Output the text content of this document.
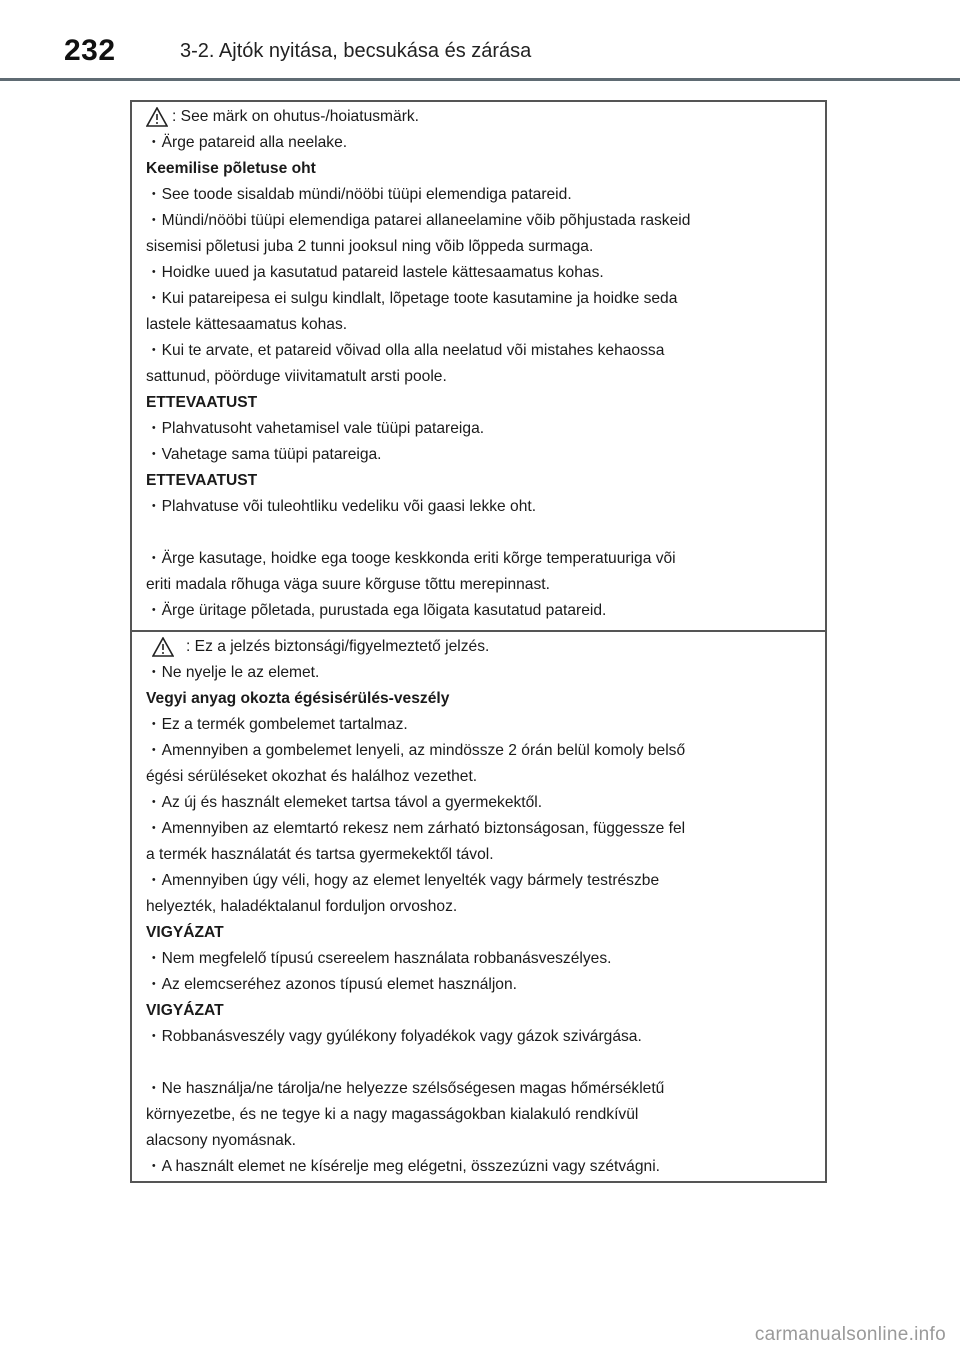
232	3-2. Ajtók nyitása, becsukása és zárása
: See märk on ohutus-/hoiatusmärk.
・Ärge patareid alla neelake.
Keemilise põletuse oht
・See toode sisaldab mündi/nööbi tüüpi elemendiga patareid.
・Mündi/nööbi tüüpi elemendiga patarei allaneelamine võib põhjustada raskeid
sisemisi põletusi juba 2 tunni jooksul ning võib lõppeda surmaga.
・Hoidke uued ja kasutatud patareid lastele kättesaamatus kohas.
・Kui patareipesa ei sulgu kindlalt, lõpetage toote kasutamine ja hoidke seda
lastele kättesaamatus kohas.
・Kui te arvate, et patareid võivad olla alla neelatud või mistahes kehaossa
sattunud, pöörduge viivitamatult arsti poole.
ETTEVAATUST
・Plahvatusoht vahetamisel vale tüüpi patareiga.
・Vahetage sama tüüpi patareiga.
ETTEVAATUST
・Plahvatuse või tuleohtliku vedeliku või gaasi lekke oht.
・Ärge kasutage, hoidke ega tooge keskkonda eriti kõrge temperatuuriga või
eriti madala rõhuga väga suure kõrguse tõttu merepinnast.
・Ärge üritage põletada, purustada ega lõigata kasutatud patareid.
: Ez a jelzés biztonsági/figyelmeztető jelzés.
・Ne nyelje le az elemet.
Vegyi anyag okozta égésisérülés-veszély
・Ez a termék gombelemet tartalmaz.
・Amennyiben a gombelemet lenyeli, az mindössze 2 órán belül komoly belső
égési sérüléseket okozhat és halálhoz vezethet.
・Az új és használt elemeket tartsa távol a gyermekektől.
・Amennyiben az elemtartó rekesz nem zárható biztonságosan, függessze fel
a termék használatát és tartsa gyermekektől távol.
・Amennyiben úgy véli, hogy az elemet lenyelték vagy bármely testrészbe
helyezték, haladéktalanul forduljon orvoshoz.
VIGYÁZAT
・Nem megfelelő típusú csereelem használata robbanásveszélyes.
・Az elemcseréhez azonos típusú elemet használjon.
VIGYÁZAT
・Robbanásveszély vagy gyúlékony folyadékok vagy gázok szivárgása.
・Ne használja/ne tárolja/ne helyezze szélsőségesen magas hőmérsékletű
környezetbe, és ne tegye ki a nagy magasságokban kialakuló rendkívül
alacsony nyomásnak.
・A használt elemet ne kísérelje meg elégetni, összezúzni vagy szétvágni.
carmanualsonline.info
